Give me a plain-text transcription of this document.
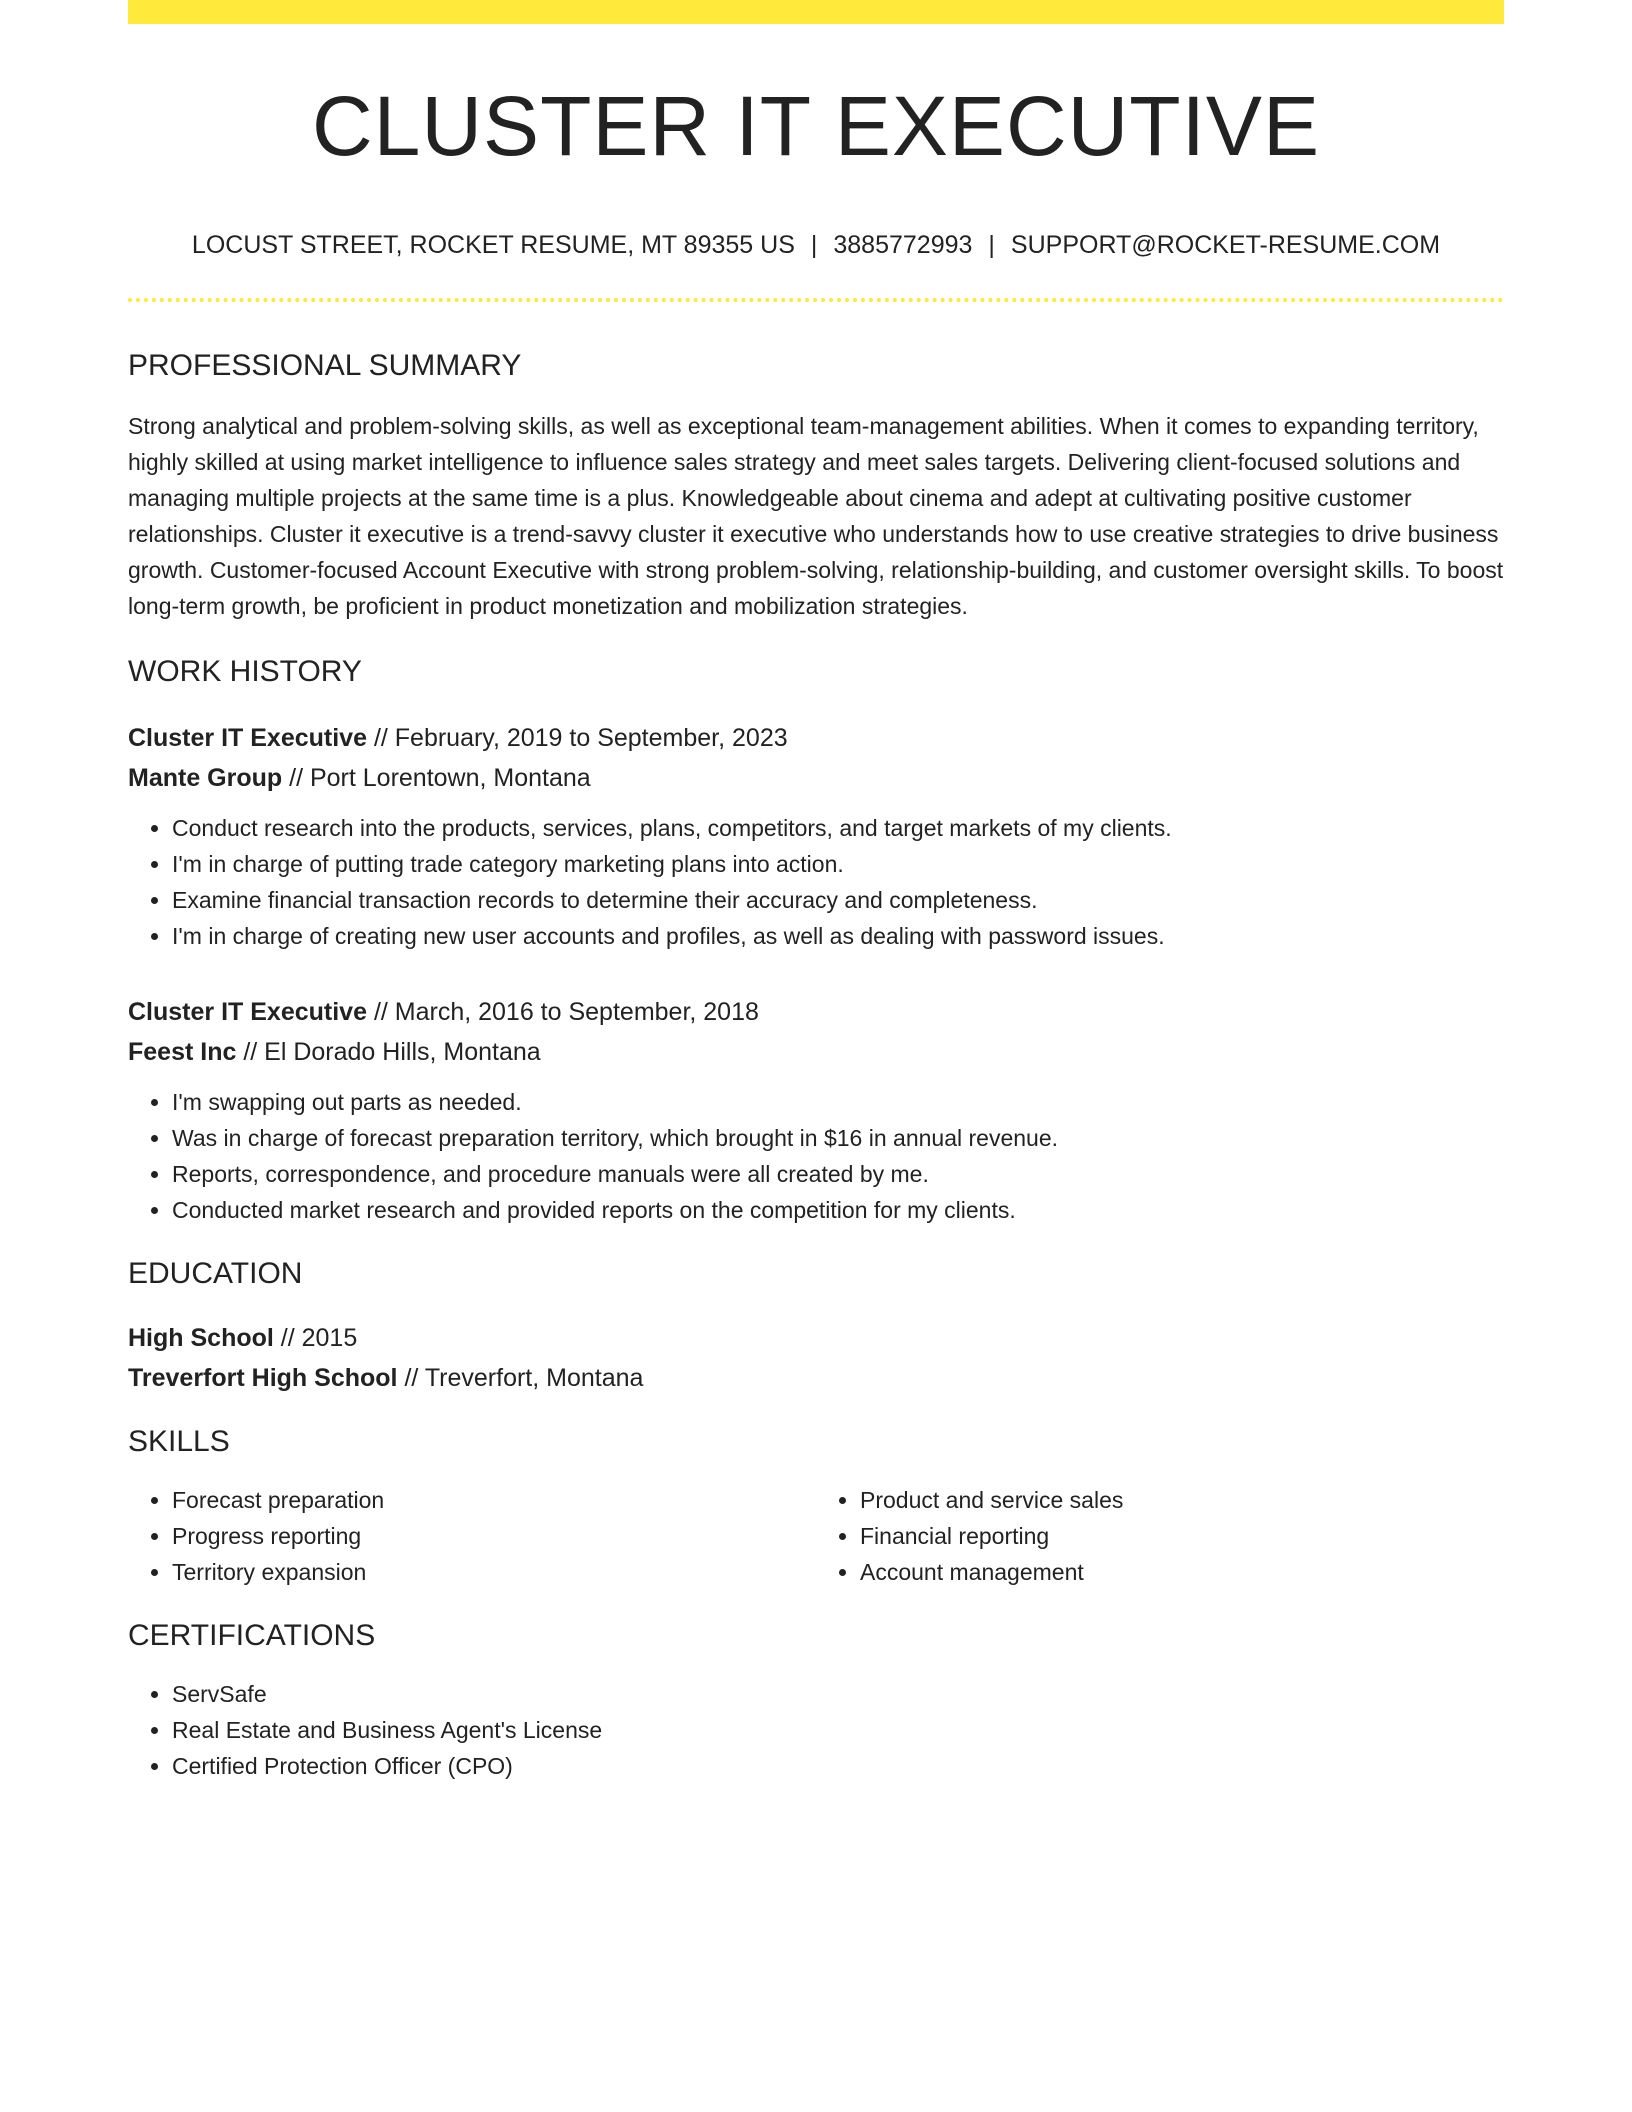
CLUSTER IT EXECUTIVE
LOCUST STREET, ROCKET RESUME, MT 89355 US | 3885772993 | SUPPORT@ROCKET-RESUME.COM
PROFESSIONAL SUMMARY

Strong analytical and problem-solving skills, as well as exceptional team-management abilities. When it comes to expanding territory, highly skilled at using market intelligence to influence sales strategy and meet sales targets. Delivering client-focused solutions and managing multiple projects at the same time is a plus. Knowledgeable about cinema and adept at cultivating positive customer relationships. Cluster it executive is a trend-savvy cluster it executive who understands how to use creative strategies to drive business growth. Customer-focused Account Executive with strong problem-solving, relationship-building, and customer oversight skills. To boost long-term growth, be proficient in product monetization and mobilization strategies.

WORK HISTORY
Cluster IT Executive // February, 2019 to September, 2023
Mante Group // Port Lorentown, Montana
• Conduct research into the products, services, plans, competitors, and target markets of my clients.
• I'm in charge of putting trade category marketing plans into action.
• Examine financial transaction records to determine their accuracy and completeness.
• I'm in charge of creating new user accounts and profiles, as well as dealing with password issues.
Cluster IT Executive // March, 2016 to September, 2018
Feest Inc // El Dorado Hills, Montana
• I'm swapping out parts as needed.
• Was in charge of forecast preparation territory, which brought in $16 in annual revenue.
• Reports, correspondence, and procedure manuals were all created by me.
• Conducted market research and provided reports on the competition for my clients.
EDUCATION
High School // 2015
Treverfort High School // Treverfort, Montana
SKILLS
• Forecast preparation
• Progress reporting
• Territory expansion
• Product and service sales
• Financial reporting
• Account management
CERTIFICATIONS
• ServSafe
• Real Estate and Business Agent's License
• Certified Protection Officer (CPO)
